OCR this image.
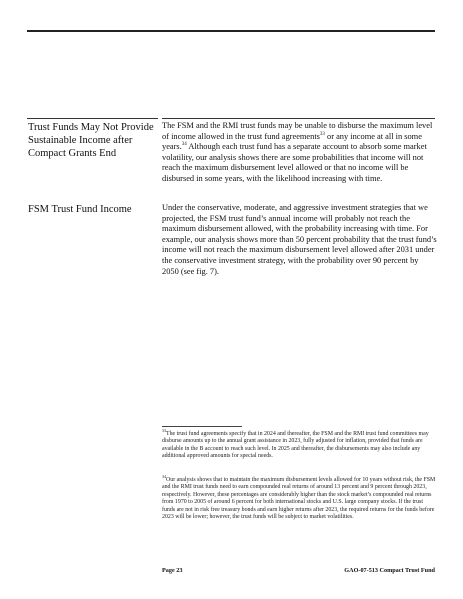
Trust Funds May Not Provide Sustainable Income after Compact Grants End
The FSM and the RMI trust funds may be unable to disburse the maximum level of income allowed in the trust fund agreements$^{33}$ or any income at all in some years.$^{34}$ Although each trust fund has a separate account to absorb some market volatility, our analysis shows there are some probabilities that income will not reach the maximum disbursement level allowed or that no income will be disbursed in some years, with the likelihood increasing with time.
FSM Trust Fund Income	Under the conservative, moderate, and aggressive investment strategies that we projected, the FSM trust fund’s annual income will probably not reach the maximum disbursement allowed, with the probability increasing with time. For example, our analysis shows more than 50 percent probability that the trust fund’s income will not reach the maximum disbursement level allowed after 2031 under the conservative investment strategy, with the probability over 90 percent by 2050 (see fig. 7).
$^{33}$The trust fund agreements specify that in 2024 and thereafter, the FSM and the RMI trust fund committees may disburse amounts up to the annual grant assistance in 2023, fully adjusted for inflation, provided that funds are available in the B account to reach such level. In 2025 and thereafter, the disbursements may also include any additional approved amounts for special needs.
$^{34}$Our analysis shows that to maintain the maximum disbursement levels allowed for 10 years without risk, the FSM and the RMI trust funds need to earn compounded real returns of around 13 percent and 9 percent through 2023, respectively. However, these percentages are considerably higher than the stock market’s compounded real returns from 1970 to 2005 of around 6 percent for both international stocks and U.S. large company stocks. If the trust funds are not in risk free treasury bonds and earn higher returns after 2023, the required returns for the funds before 2023 will be lower; however, the trust funds will be subject to market volatilities.
Page 23	GAO-07-513 Compact Trust Fund
